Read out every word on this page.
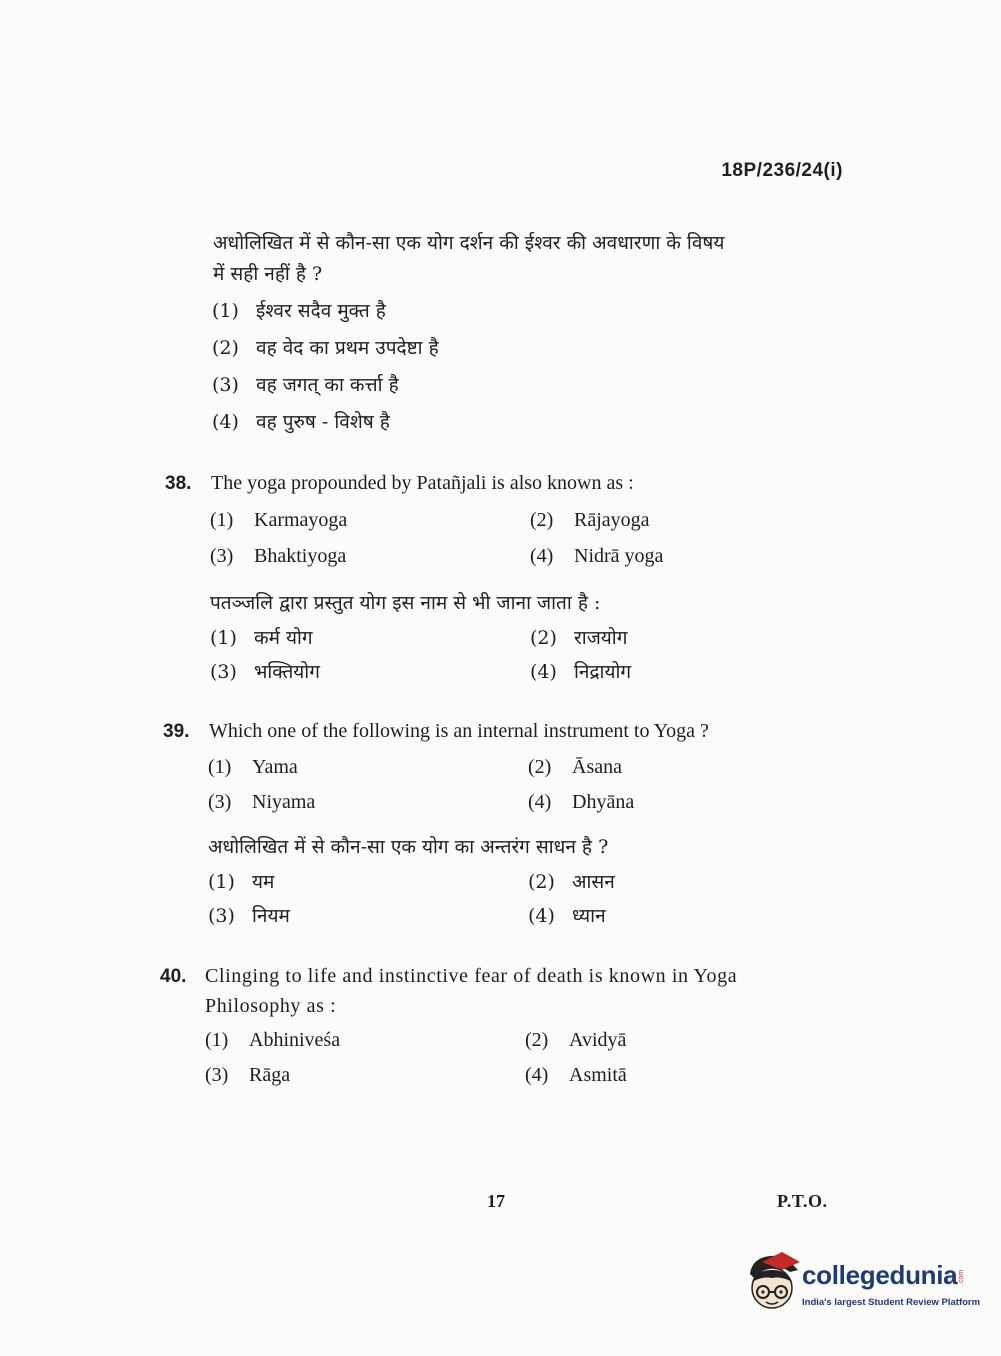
18P/236/24(i)
अधोलिखित में से कौन-सा एक योग दर्शन की ईश्वर की अवधारणा के विषय
में सही नहीं है ?
(1) ईश्वर सदैव मुक्त है
(2) वह वेद का प्रथम उपदेष्टा है
(3) वह जगत् का कर्त्ता है
(4) वह पुरुष - विशेष है
38. The yoga propounded by Patañjali is also known as :
(1) Karmayoga	(2) Rājayoga
(3) Bhaktiyoga	(4) Nidrā yoga
पतञ्जलि द्वारा प्रस्तुत योग इस नाम से भी जाना जाता है :
(1) कर्म योग	(2) राजयोग
(3) भक्तियोग	(4) निद्रायोग
39. Which one of the following is an internal instrument to Yoga ?
(1) Yama	(2) Āsana
(3) Niyama	(4) Dhyāna
अधोलिखित में से कौन-सा एक योग का अन्तरंग साधन है ?
(1) यम	(2) आसन
(3) नियम	(4) ध्यान
40. Clinging to life and instinctive fear of death is known in Yoga
Philosophy as :
(1) Abhiniveśa	(2) Avidyā
(3) Rāga	(4) Asmitā
17	P.T.O.
collegedunia .com
India's largest Student Review Platform
